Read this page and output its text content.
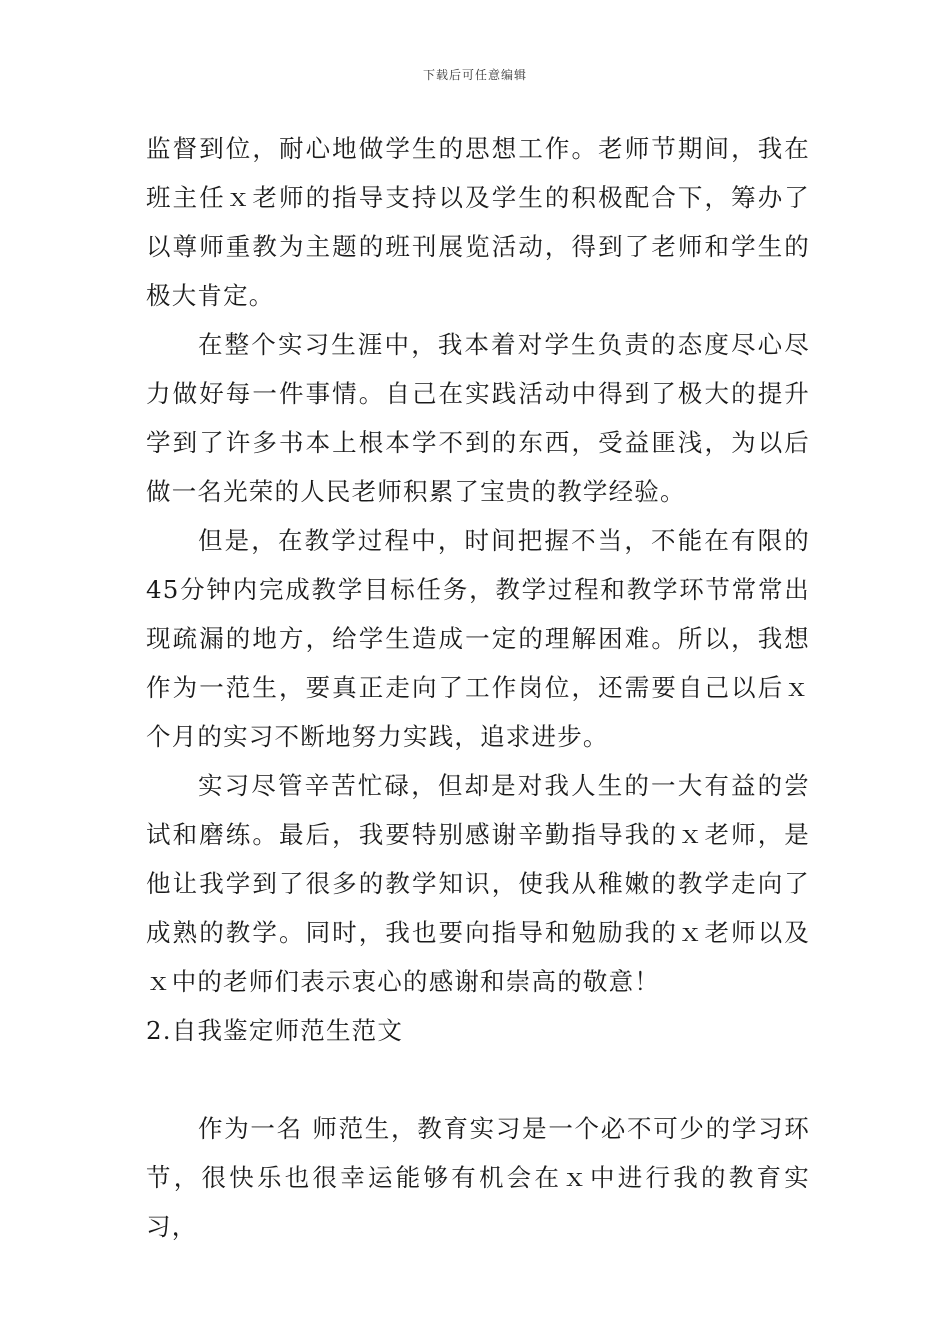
下载后可任意编辑

监督到位，耐心地做学生的思想工作。老师节期间，我在班主任ｘ老师的指导支持以及学生的积极配合下，筹办了以尊师重教为主题的班刊展览活动，得到了老师和学生的极大肯定。

在整个实习生涯中，我本着对学生负责的态度尽心尽力做好每一件事情。自己在实践活动中得到了极大的提升学到了许多书本上根本学不到的东西，受益匪浅，为以后做一名光荣的人民老师积累了宝贵的教学经验。

但是，在教学过程中，时间把握不当，不能在有限的45分钟内完成教学目标任务，教学过程和教学环节常常出现疏漏的地方，给学生造成一定的理解困难。所以，我想作为一范生，要真正走向了工作岗位，还需要自己以后ｘ个月的实习不断地努力实践，追求进步。

实习尽管辛苦忙碌，但却是对我人生的一大有益的尝试和磨练。最后，我要特别感谢辛勤指导我的ｘ老师，是他让我学到了很多的教学知识，使我从稚嫩的教学走向了成熟的教学。同时，我也要向指导和勉励我的ｘ老师以及ｘ中的老师们表示衷心的感谢和崇高的敬意！

2.自我鉴定师范生范文

作为一名 师范生，教育实习是一个必不可少的学习环节，很快乐也很幸运能够有机会在ｘ中进行我的教育实习，
